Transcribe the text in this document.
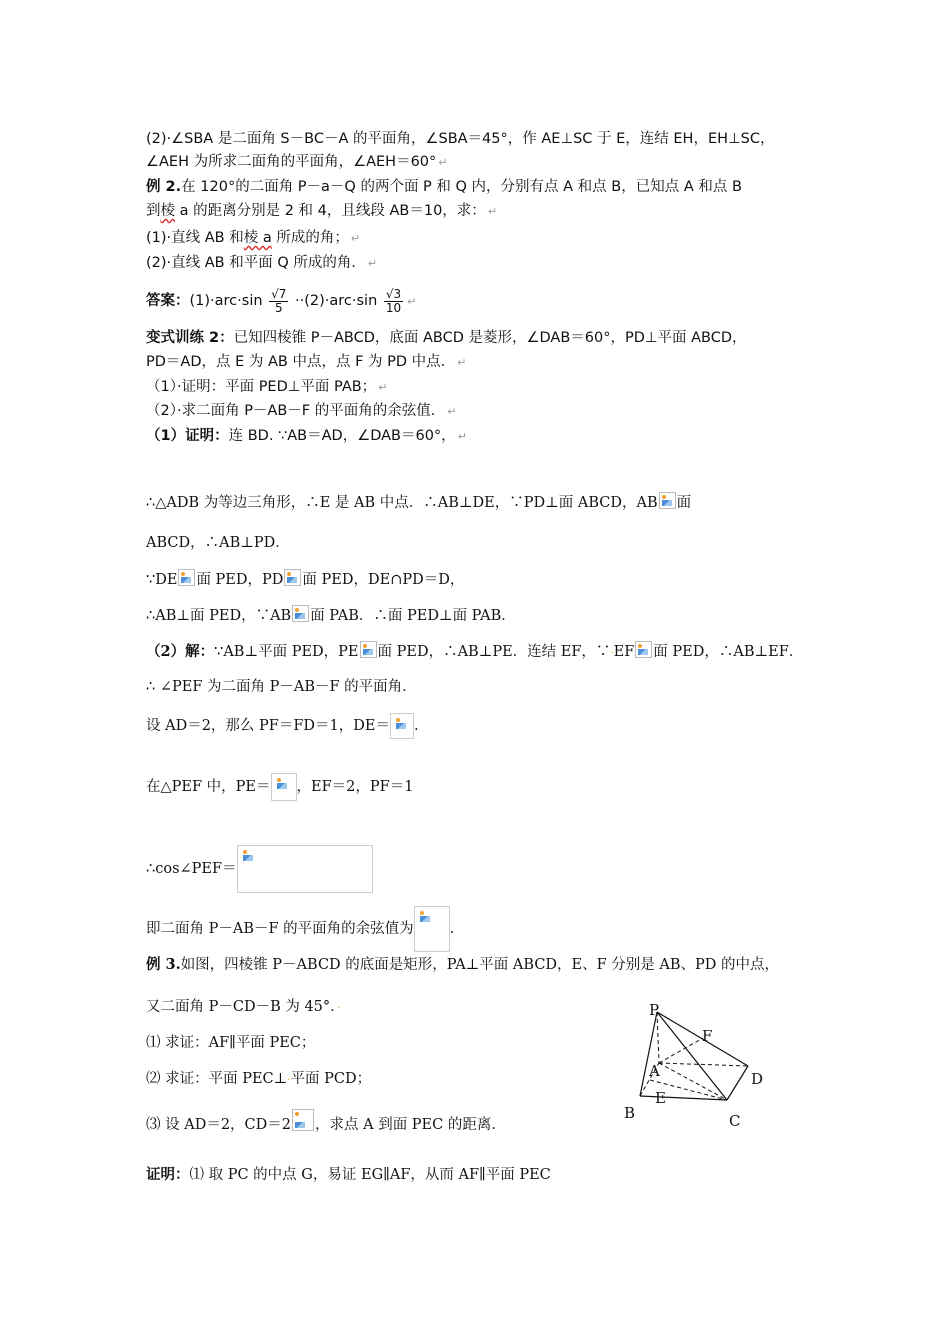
(2)·∠SBA 是二面角 S－BC－A 的平面角，∠SBA＝45°，作 AE⊥SC 于 E，连结 EH，EH⊥SC，
∠AEH 为所求二面角的平面角，∠AEH＝60° ↵
例 2.在 120°的二面角 P－a－Q 的两个面 P 和 Q 内，分别有点 A 和点 B，已知点 A 和点 B
到棱 a 的距离分别是 2 和 4，且线段 AB＝10，求： ↵
(1)·直线 AB 和棱 a 所成的角； ↵
(2)·直线 AB 和平面 Q 所成的角． ↵
答案：$(1)\cdot arc\cdot\sin \frac{√7}{5} \cdot\cdot(2)\cdot arc\cdot\sin \frac{√3}{10}$ ↵
变式训练 2：已知四棱锥 P－ABCD，底面 ABCD 是菱形，∠DAB＝60°，PD⊥平面 ABCD，
PD＝AD，点 E 为 AB 中点，点 F 为 PD 中点． ↵
（1）·证明：平面 PED⊥平面 PAB； ↵
（2）·求二面角 P－AB－F 的平面角的余弦值． ↵
（1）证明：连 BD. ∵AB＝AD，∠DAB＝60°， ↵
∴△ADB 为等边三角形，∴E 是 AB 中点．∴AB⊥DE，∵PD⊥面 ABCD，AB 面
ABCD，∴AB⊥PD．
∵DE 面 PED，PD 面 PED，DE∩PD＝D，
∴AB⊥面 PED，∵AB 面 PAB．∴面 PED⊥面 PAB．
（2）解：∵AB⊥平面 PED，PE 面 PED，∴AB⊥PE．连结 EF，∵·EF 面 PED，∴AB⊥EF．
∴ ∠PEF 为二面角 P－AB－F 的平面角．
设 AD＝2，那么 PF＝FD＝1，DE＝ .
在△PEF 中，PE＝ ，EF＝2，PF＝1
∴cos∠PEF＝
即二面角 P－AB－F 的平面角的余弦值为 .
例 3.如图，四棱锥 P－ABCD 的底面是矩形，PA⊥平面 ABCD，E、F 分别是 AB、PD 的中点，
又二面角 P－CD－B 为 45°．·
⑴ 求证：AF∥平面 PEC；
⑵ 求证：平面 PEC⊥·平面 PCD；
⑶ 设 AD＝2，CD＝2 ，求点 A 到面 PEC 的距离．
证明：⑴ 取 PC 的中点 G，易证 EG∥AF，从而 AF∥平面 PEC
P
F
A	D
E
B	C
